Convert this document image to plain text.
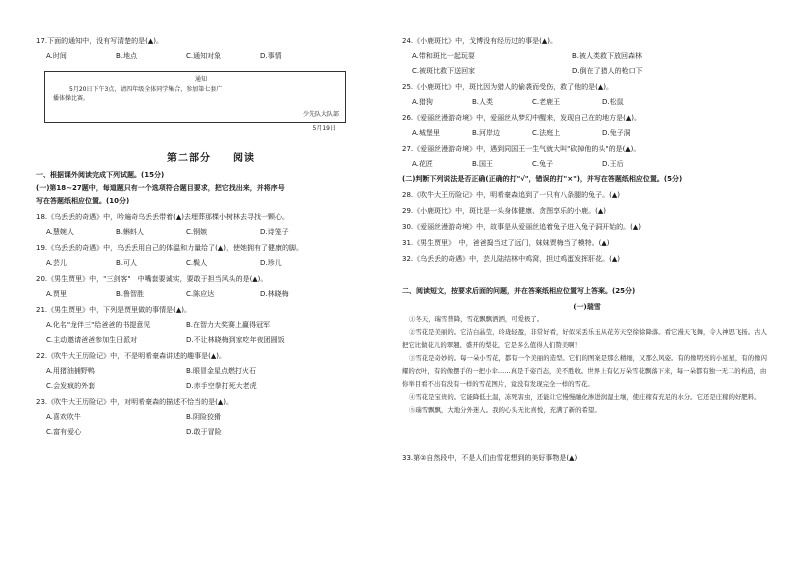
17.下面的通知中，没有写清楚的是(▲)。
A.时间	B.地点	C.通知对象	D.事情
通知
5月20日下午3点，请四年级全体同学集合，参加第七套广
播体操比赛。
少先队大队部
5月19日
第二部分　　阅读
一、根据课外阅读完成下列试题。(15分)
(一)第18~27题中，每道题只有一个选项符合题目要求，把它找出来，并将序号
写在答题纸相应位置。(10分)
18.《乌丢丢的奇遇》中，吟遍奇乌丢丢带着(▲)去埋葬那棵小树林去寻找一颗心。
A.慧婉人	B.蝌蚪人	C.钢嫉	D.诗笼子
19.《乌丢丢的奇遇》中，乌丢丢用自己的体温和力量给了(▲)，使她拥有了健康的脚。
A.芸儿	B.可人	C.鬓人	D.珍儿
20.《男生贾里》中，"三剑客"　中嘴套要诚实，要敢于担当风头的是(▲)。
A.贾里	B.鲁智胜	C.陈应达	D.林晓梅
21.《男生贾里》中，下列是贾里做的事情是(▲)。
A.化名"龙伴三"给爸爸的书提意见	B.在智力大奖赛上赢得冠军
C.主动邀请爸爸参加生日派对	D.不让林晓梅到家吃年夜团圆饭
22.《吹牛大王历险记》中，不是明希豪森讲述的趣事是(▲)。
A.用猪油捕野鸭	B.眼冒金星点燃打火石
C.会发疯的外套	D.赤手空拳打死大老虎
23.《吹牛大王历险记》中，对明希豪森的描述不恰当的是(▲)。
A.喜欢吹牛	B.阴险狡猾
C.富有爱心	D.敢于冒险
24.《小鹿斑比》中，戈博没有经历过的事是(▲)。
A.带和斑比一起玩耍	B.被人类救下放回森林
C.被斑比救下送回家	D.倒在了猎人的枪口下
25.《小鹿斑比》中，斑比因为猎人的偷袭而受伤，救了他的是(▲)。
A.猎狗	B.人类	C.老鹿王	D.松鼠
26.《爱丽丝漫游奇境》中，爱丽丝从梦幻中醒来，发现自己在的地方是(▲)。
A.城堡里	B.河岸边	C.法庭上	D.兔子洞
27.《爱丽丝漫游奇境》中，遇到同国王一生气就大叫"砍掉他的头"的是(▲)。
A.花匠	B.国王	C.兔子	D.王后
(二)判断下列说法是否正确(正确的打"√"，错误的打"×")，并写在答题纸相应位置。(5分)
28.《吹牛大王历险记》中，明希豪森追到了一只有八条腿的兔子。(▲)
29.《小鹿斑比》中，斑比是一头身体健康、贪图享乐的小鹿。(▲)
30.《爱丽丝漫游奇境》中，故事是从爱丽丝追着兔子进入兔子洞开始的。(▲)
31.《男生贾里》　中，爸爸捣当过了远门，妹妹贾梅当了模特。(▲)
32.《乌丢丢的奇遇》中，芸儿陆结林中鸡窝，担过鸡蛋发挥肝花。(▲)
二、阅读短文，按要求后面的问题，并在答案纸相应位置写上答案。(25分)
(一)瑞雪
①冬天，瑞雪普降，雪花飘飘洒洒，可爱极了。
②雪花是美丽的。它洁白晶莹，玲珑轻盈，非常好看，好似采丢乐玉从花芳天空徐徐降落。看它漫天飞舞，令人神思飞扬。古人把它比做花儿的翠翘、盛开的梨花，它是多么值得人们赞美啊！
③雪花是奇妙的。每一朵小雪花，都有一个美丽的造型。它们的图案是那么精细，又那么风姿。有的像明亮的小星星，有的像闪耀的衣叶，有的像摆手的一把小伞……真是千姿百态，美不胜收。世界上有亿万朵雪花飘落下来，每一朵都有独一无二的构造，由你举目看不出有没有一样的雪花图片，竟没有发现完全一样的雪花。
④雪花是宝贵的。它能降低土温，冻死害虫，还能让它慢慢融化渗进润湿土壤，使庄稼有充足的水分。它还是庄稼的好肥料。
⑤瑞雪飘飘，大地分外迷人。我的心头无比喜悦，充满了新的希望。
33.第②自然段中，不是人们由雪花想到的美好事物是(▲)
